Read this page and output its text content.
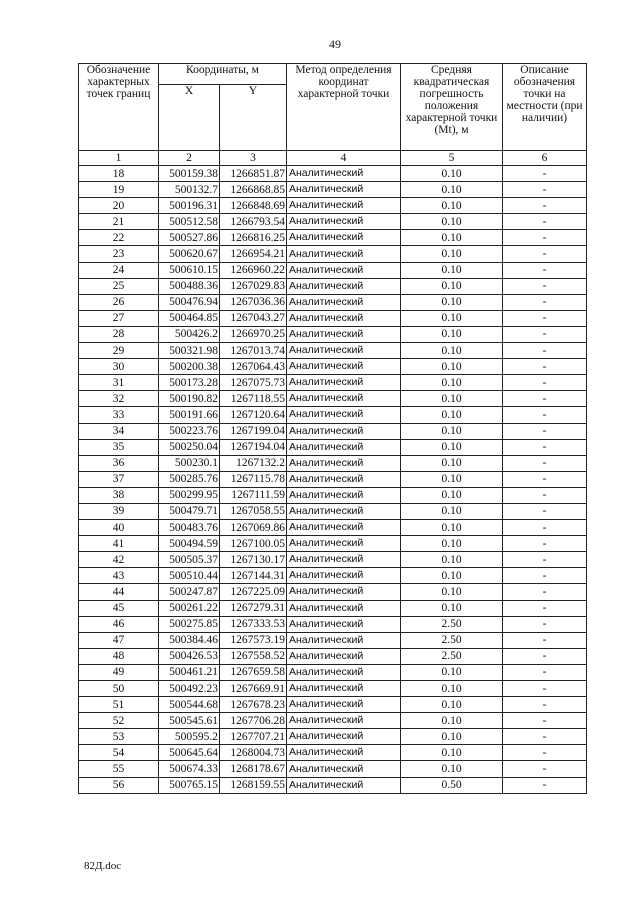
49
Обозначение характерных точек границ	Координаты, м		Метод определения координат характерной точки	Средняя квадратическая погрешность положения характерной точки (Mt), м	Описание обозначения точки на местности (при наличии)
	X	Y			
1	2	3	4	5	6
18	500159.38	1266851.87	Аналитический	0.10	-
19	500132.7	1266868.85	Аналитический	0.10	-
20	500196.31	1266848.69	Аналитический	0.10	-
21	500512.58	1266793.54	Аналитический	0.10	-
22	500527.86	1266816.25	Аналитический	0.10	-
23	500620.67	1266954.21	Аналитический	0.10	-
24	500610.15	1266960.22	Аналитический	0.10	-
25	500488.36	1267029.83	Аналитический	0.10	-
26	500476.94	1267036.36	Аналитический	0.10	-
27	500464.85	1267043.27	Аналитический	0.10	-
28	500426.2	1266970.25	Аналитический	0.10	-
29	500321.98	1267013.74	Аналитический	0.10	-
30	500200.38	1267064.43	Аналитический	0.10	-
31	500173.28	1267075.73	Аналитический	0.10	-
32	500190.82	1267118.55	Аналитический	0.10	-
33	500191.66	1267120.64	Аналитический	0.10	-
34	500223.76	1267199.04	Аналитический	0.10	-
35	500250.04	1267194.04	Аналитический	0.10	-
36	500230.1	1267132.2	Аналитический	0.10	-
37	500285.76	1267115.78	Аналитический	0.10	-
38	500299.95	1267111.59	Аналитический	0.10	-
39	500479.71	1267058.55	Аналитический	0.10	-
40	500483.76	1267069.86	Аналитический	0.10	-
41	500494.59	1267100.05	Аналитический	0.10	-
42	500505.37	1267130.17	Аналитический	0.10	-
43	500510.44	1267144.31	Аналитический	0.10	-
44	500247.87	1267225.09	Аналитический	0.10	-
45	500261.22	1267279.31	Аналитический	0.10	-
46	500275.85	1267333.53	Аналитический	2.50	-
47	500384.46	1267573.19	Аналитический	2.50	-
48	500426.53	1267558.52	Аналитический	2.50	-
49	500461.21	1267659.58	Аналитический	0.10	-
50	500492.23	1267669.91	Аналитический	0.10	-
51	500544.68	1267678.23	Аналитический	0.10	-
52	500545.61	1267706.28	Аналитический	0.10	-
53	500595.2	1267707.21	Аналитический	0.10	-
54	500645.64	1268004.73	Аналитический	0.10	-
55	500674.33	1268178.67	Аналитический	0.10	-
56	500765.15	1268159.55	Аналитический	0.50	-
82Д.doc
